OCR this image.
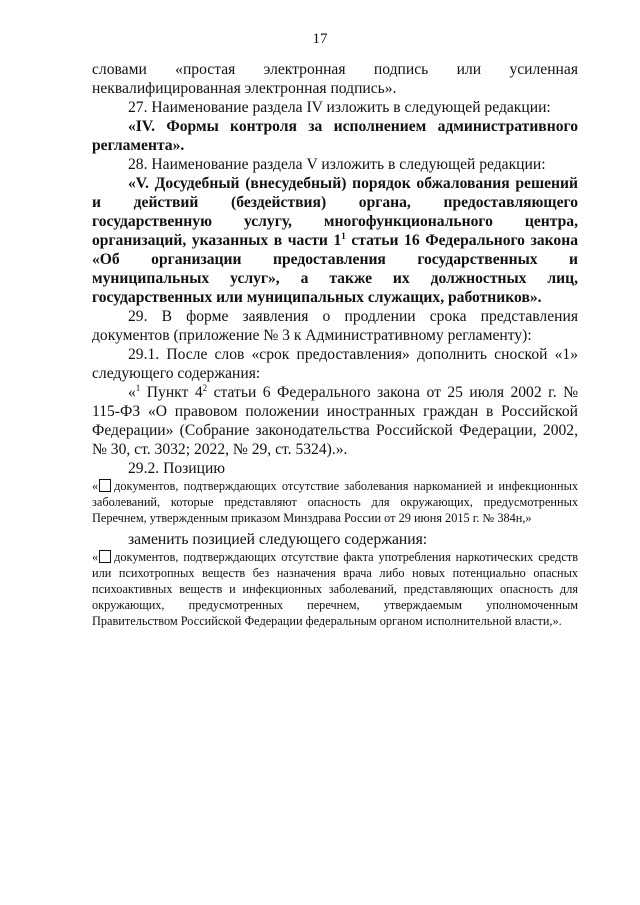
17

словами «простая электронная подпись или усиленная

неквалифицированная электронная подпись».

27. Наименование раздела IV изложить в следующей редакции:

«IV. Формы контроля за исполнением административного регламента».

28. Наименование раздела V изложить в следующей редакции:

«V. Досудебный (внесудебный) порядок обжалования решений и действий (бездействия) органа, предоставляющего государственную услугу, многофункционального центра, организаций, указанных в части $1^1$ статьи 16 Федерального закона «Об организации предоставления государственных и муниципальных услуг», а также их должностных лиц, государственных или муниципальных служащих, работников».

29. В форме заявления о продлении срока представления документов (приложение № 3 к Административному регламенту):

29.1. После слов «срок предоставления» дополнить сноской «1» следующего содержания:

«$^1$ Пункт $4^2$ статьи 6 Федерального закона от 25 июля 2002 г. № 115-ФЗ «О правовом положении иностранных граждан в Российской Федерации» (Собрание законодательства Российской Федерации, 2002, № 30, ст. 3032; 2022, № 29, ст. 5324).».

29.2. Позицию

« документов, подтверждающих отсутствие заболевания наркоманией и инфекционных заболеваний, которые представляют опасность для окружающих, предусмотренных Перечнем, утвержденным приказом Минздрава России от 29 июня 2015 г. № 384н,»

заменить позицией следующего содержания:

« документов, подтверждающих отсутствие факта употребления наркотических средств или психотропных веществ без назначения врача либо новых потенциально опасных психоактивных веществ и инфекционных заболеваний, представляющих опасность для окружающих, предусмотренных перечнем, утверждаемым уполномоченным Правительством Российской Федерации федеральным органом исполнительной власти,».
